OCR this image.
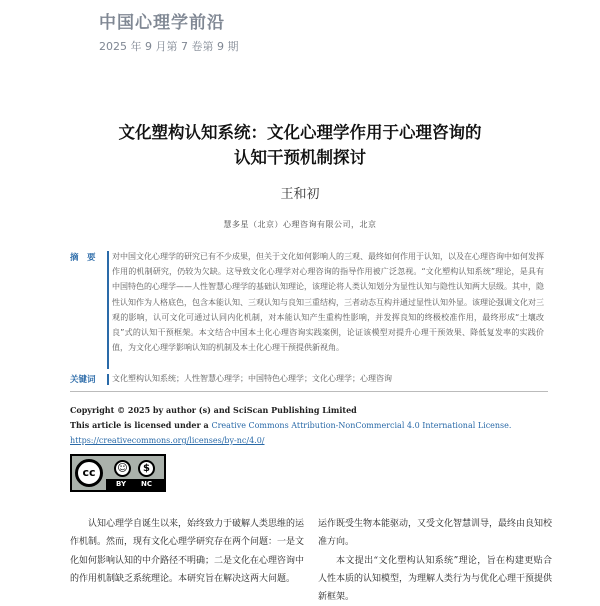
中国心理学前沿
2025 年 9 月第 7 卷第 9 期
文化塑构认知系统：文化心理学作用于心理咨询的
认知干预机制探讨
王和初
慧多星（北京）心理咨询有限公司，北京
摘　要 对中国文化心理学的研究已有不少成果，但关于文化如何影响人的三观、最终如何作用于认知，以及在心理咨询中如何发挥作用的机制研究，仍较为欠缺。这导致文化心理学对心理咨询的指导作用被广泛忽视。“文化塑构认知系统”理论，是具有中国特色的心理学——人性智慧心理学的基础认知理论，该理论将人类认知划分为显性认知与隐性认知两大层级。其中，隐性认知作为人格底色，包含本能认知、三观认知与良知三重结构，三者动态互构并通过显性认知外显。该理论强调文化对三观的影响，认可文化可通过认同内化机制，对本能认知产生重构性影响，并发挥良知的终极校准作用，最终形成“土壤改良”式的认知干预框架。本文结合中国本土化心理咨询实践案例，论证该模型对提升心理干预效果、降低复发率的实践价值，为文化心理学影响认知的机制及本土化心理干预提供新视角。
关键词 文化塑构认知系统；人性智慧心理学；中国特色心理学；文化心理学；心理咨询
Copyright © 2025 by author (s) and SciScan Publishing Limited
This article is licensed under a Creative Commons Attribution-NonCommercial 4.0 International License.
https://creativecommons.org/licenses/by-nc/4.0/
cc	☺	$
BY NC

认知心理学自诞生以来，始终致力于破解人类思维的运作机制。然而，现有文化心理学研究存在两个问题：一是文化如何影响认知的中介路径不明确；二是文化在心理咨询中的作用机制缺乏系统理论。本研究旨在解决这两大问题。

运作既受生物本能驱动，又受文化智慧训导，最终由良知校准方向。

本文提出“文化塑构认知系统”理论，旨在构建更贴合人性本质的认知模型，为理解人类行为与优化心理干预提供新框架。
